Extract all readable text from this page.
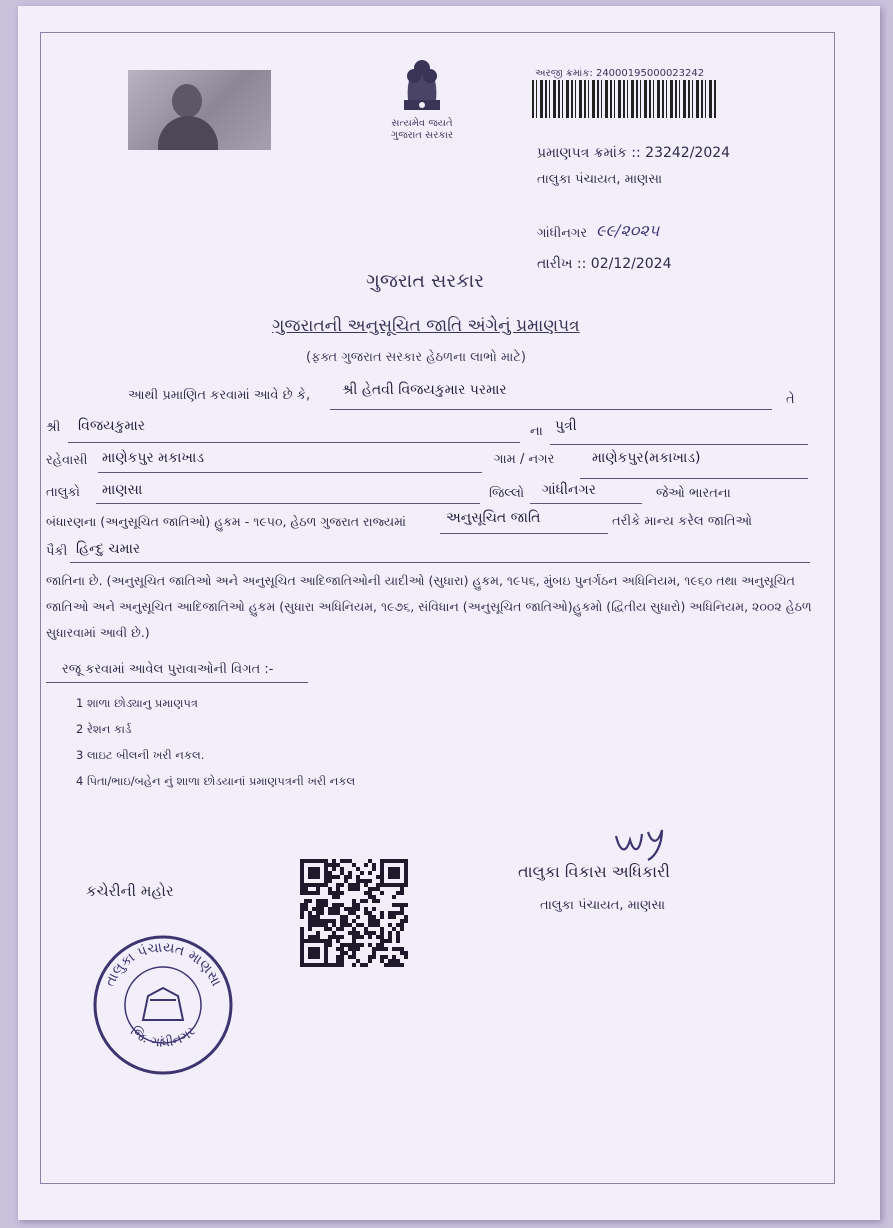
સત્યમેવ જયતે
ગુજરાત સરકાર
અરજી ક્રમાંક: 24000195000023242
પ્રમાણપત્ર ક્રમાંક :: 23242/2024
તાલુકા પંચાયત, માણસા
ગાંધીનગર ૯૯/૨૦૨૫
તારીખ :: 02/12/2024
ગુજરાત સરકાર
ગુજરાતની અનુસૂચિત જાતિ અંગેનું પ્રમાણપત્ર
(ફક્ત ગુજરાત સરકાર હેઠળના લાભો માટે)
આથી પ્રમાણિત કરવામાં આવે છે કે, શ્રી હેતવી વિજયકુમાર પરમાર
તે
શ્રી વિજયકુમાર	ના પુત્રી
રહેવાસી માણેકપુર મકાખાડ	ગામ / નગર	માણેકપુર(મકાખાડ)
તાલુકો માણસા	જિલ્લો ગાંધીનગર	જેઓ ભારતના
બંધારણના (અનુસૂચિત જાતિઓ) હુકમ - ૧૯૫૦, હેઠળ ગુજરાત રાજ્યમાં	અનુસૂચિત જાતિ	તરીકે માન્ય કરેલ જાતિઓ
પૈકી હિન્દુ ચમાર
જાતિના છે. (અનુસૂચિત જાતિઓ અને અનુસૂચિત આદિજાતિઓની યાદીઓ (સુધારા) હુકમ, ૧૯૫૬, મુંબઇ પુનર્ગઠન અધિનિયમ, ૧૯૬૦ તથા અનુસૂચિત જાતિઓ અને અનુસૂચિત આદિજાતિઓ હુકમ (સુધારા અધિનિયમ, ૧૯૭૬, સંવિધાન (અનુસૂચિત જાતિઓ)હુકમો (દ્વિતીય સુધારો) અધિનિયમ, ૨૦૦૨ હેઠળ સુધારવામાં આવી છે.)
રજૂ કરવામાં આવેલ પુરાવાઓની વિગત :-
1 શાળા છોડ્યાનુ પ્રમાણપત્ર
2 રેશન કાર્ડ
3 લાઇટ બીલની ખરી નકલ.
4 પિતા/ભાઇ/બહેન નું શાળા છોડયાનાં પ્રમાણપત્રની ખરી નકલ
તાલુકા વિકાસ અધિકારી
તાલુકા પંચાયત, માણસા
કચેરીની મહોર
તાલુકા પંચાયત માણસા
જિ. ગાંધીનગર
